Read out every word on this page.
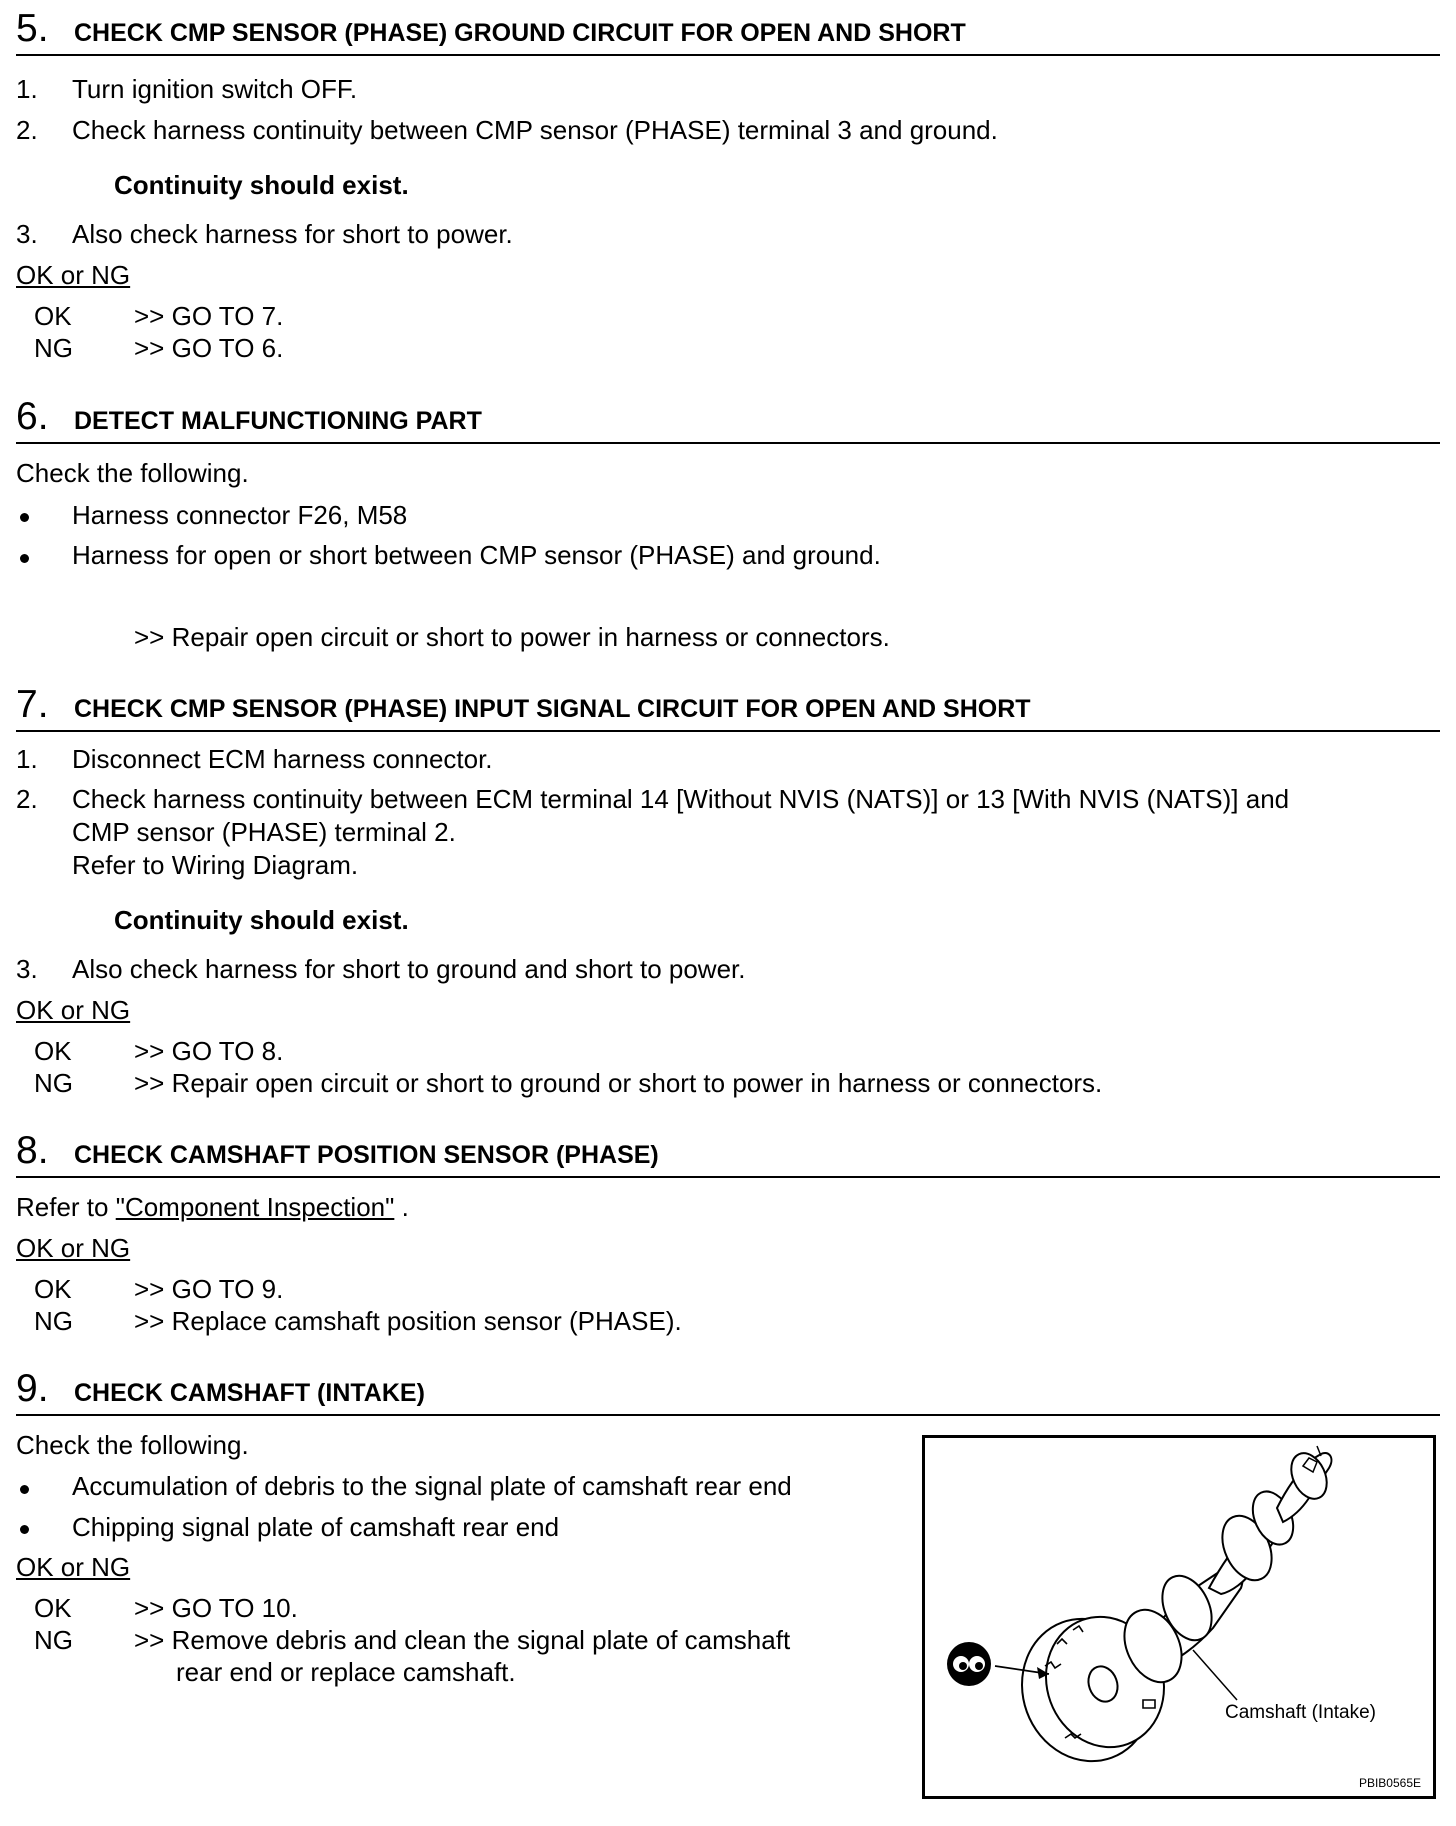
5 .	CHECK CMP SENSOR (PHASE) GROUND CIRCUIT FOR OPEN AND SHORT
1. Turn ignition switch OFF.
2. Check harness continuity between CMP sensor (PHASE) terminal 3 and ground.
Continuity should exist.
3. Also check harness for short to power.
OK or NG
OK >> GO TO 7.
NG >> GO TO 6.
6 .	DETECT MALFUNCTIONING PART
Check the following.
Harness connector F26, M58
Harness for open or short between CMP sensor (PHASE) and ground.
>> Repair open circuit or short to power in harness or connectors.
7 .	CHECK CMP SENSOR (PHASE) INPUT SIGNAL CIRCUIT FOR OPEN AND SHORT
1. Disconnect ECM harness connector.
2. Check harness continuity between ECM terminal 14 [Without NVIS (NATS)] or 13 [With NVIS (NATS)] and
CMP sensor (PHASE) terminal 2.
Refer to Wiring Diagram.
Continuity should exist.
3. Also check harness for short to ground and short to power.
OK or NG
OK >> GO TO 8.
NG >> Repair open circuit or short to ground or short to power in harness or connectors.
8 .	CHECK CAMSHAFT POSITION SENSOR (PHASE)
Refer to "Component Inspection" .
OK or NG
OK >> GO TO 9.
NG >> Replace camshaft position sensor (PHASE).
9 .	CHECK CAMSHAFT (INTAKE)
Check the following.
Accumulation of debris to the signal plate of camshaft rear end
Chipping signal plate of camshaft rear end
OK or NG
OK >> GO TO 10.
NG >> Remove debris and clean the signal plate of camshaft
rear end or replace camshaft.
Camshaft (Intake)
PBIB0565E
